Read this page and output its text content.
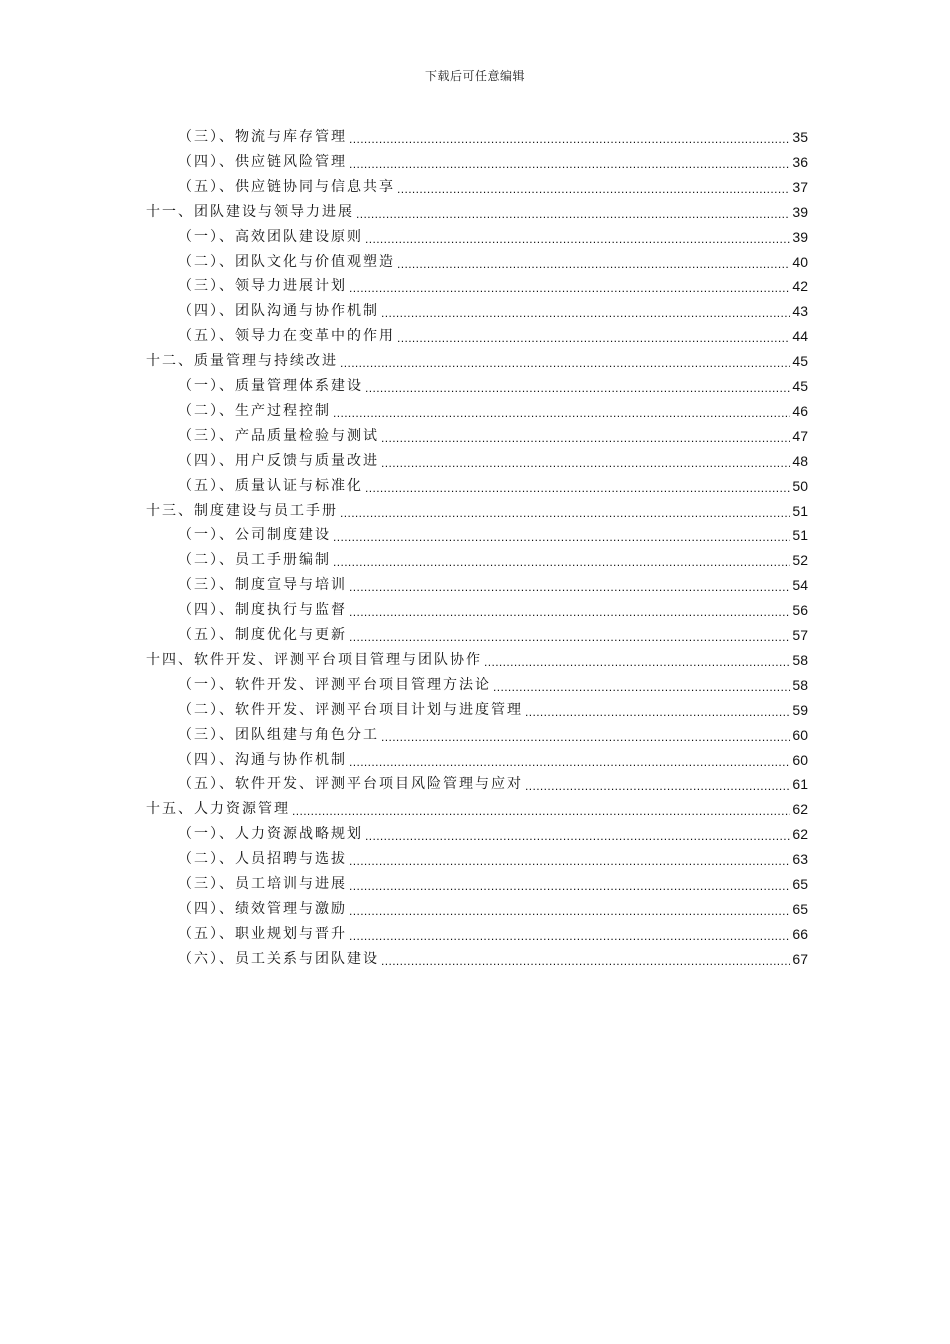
下载后可任意编辑
（三）、物流与库存管理 .....	35
（四）、供应链风险管理 .....	36
（五）、供应链协同与信息共享 .....	37
十一、团队建设与领导力进展 .....	39
（一）、高效团队建设原则 .....	39
（二）、团队文化与价值观塑造 .....	40
（三）、领导力进展计划 .....	42
（四）、团队沟通与协作机制 .....	43
（五）、领导力在变革中的作用 .....	44
十二、质量管理与持续改进 .....	45
（一）、质量管理体系建设 .....	45
（二）、生产过程控制 .....	46
（三）、产品质量检验与测试 .....	47
（四）、用户反馈与质量改进 .....	48
（五）、质量认证与标准化 .....	50
十三、制度建设与员工手册 .....	51
（一）、公司制度建设 .....	51
（二）、员工手册编制 .....	52
（三）、制度宣导与培训 .....	54
（四）、制度执行与监督 .....	56
（五）、制度优化与更新 .....	57
十四、软件开发、评测平台项目管理与团队协作 .....	58
（一）、软件开发、评测平台项目管理方法论 .....	58
（二）、软件开发、评测平台项目计划与进度管理 .....	59
（三）、团队组建与角色分工 .....	60
（四）、沟通与协作机制 .....	60
（五）、软件开发、评测平台项目风险管理与应对 .....	61
十五、人力资源管理 .....	62
（一）、人力资源战略规划 .....	62
（二）、人员招聘与选拔 .....	63
（三）、员工培训与进展 .....	65
（四）、绩效管理与激励 .....	65
（五）、职业规划与晋升 .....	66
（六）、员工关系与团队建设 .....	67
